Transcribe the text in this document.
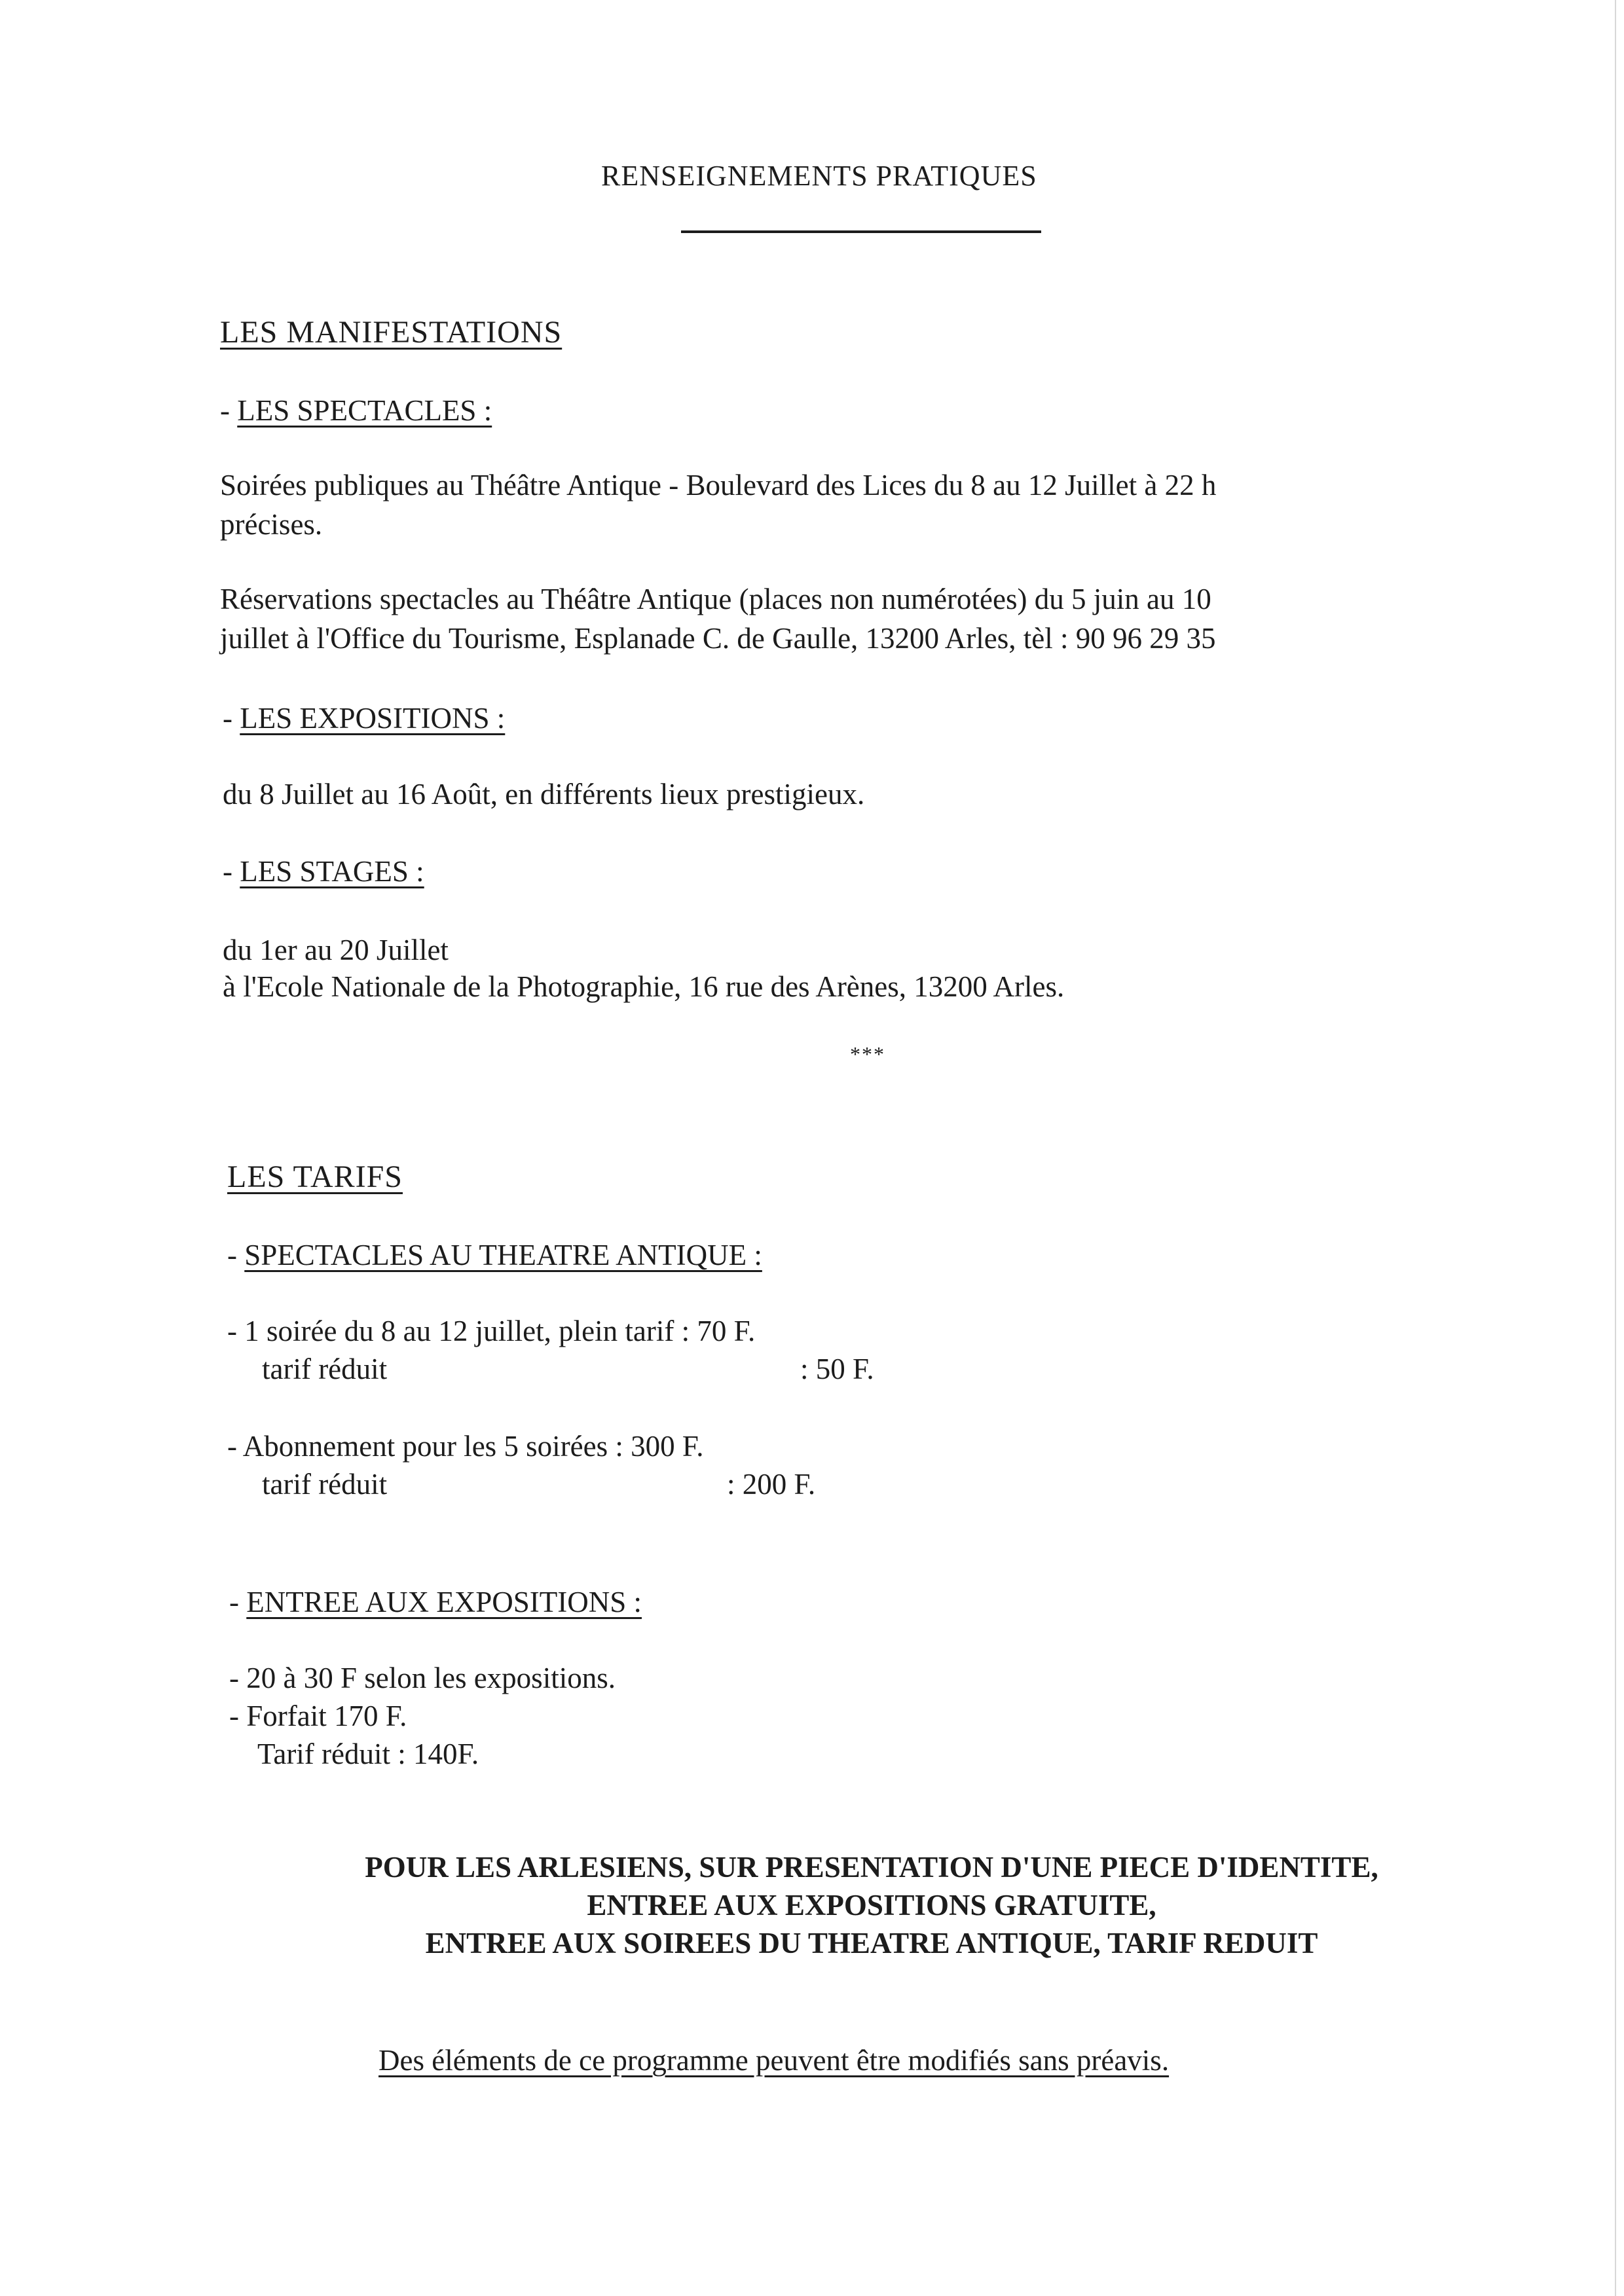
RENSEIGNEMENTS PRATIQUES
LES MANIFESTATIONS
- LES SPECTACLES :
Soirées publiques au Théâtre Antique - Boulevard des Lices du 8 au 12 Juillet à 22 h
précises.
Réservations spectacles au Théâtre Antique (places non numérotées) du 5 juin au 10
juillet à l'Office du Tourisme, Esplanade C. de Gaulle, 13200 Arles, tèl : 90 96 29 35
- LES EXPOSITIONS :
du 8 Juillet au 16 Août, en différents lieux prestigieux.
- LES STAGES :
du 1er au 20 Juillet
à l'Ecole Nationale de la Photographie, 16 rue des Arènes, 13200 Arles.
***
LES TARIFS
- SPECTACLES AU THEATRE ANTIQUE :
- 1 soirée du 8 au 12 juillet, plein tarif : 70 F.
tarif réduit	: 50 F.
- Abonnement pour les 5 soirées : 300 F.
tarif réduit	: 200 F.
- ENTREE AUX EXPOSITIONS :
- 20 à 30 F selon les expositions.
- Forfait 170 F.
Tarif réduit : 140F.
POUR LES ARLESIENS, SUR PRESENTATION D'UNE PIECE D'IDENTITE,
ENTREE AUX EXPOSITIONS GRATUITE,
ENTREE AUX SOIREES DU THEATRE ANTIQUE, TARIF REDUIT
Des éléments de ce programme peuvent être modifiés sans préavis.
